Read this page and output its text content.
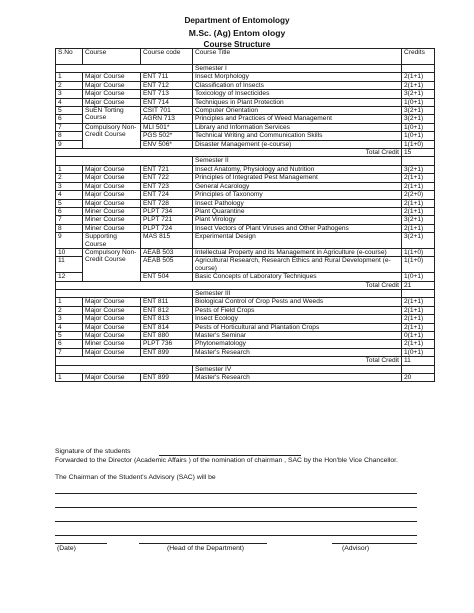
Department of Entomology
M.Sc. (Ag) Entom ology
Course Structure
S.No	Course	Course code	Course Title	Credits
			Semester I	
1	Major Course	ENT 711	Insect Morphology	2(1+1)
2	Major Course	ENT 712	Classification of Insects	2(1+1)
3	Major Course	ENT 713	Toxicology of Insecticides	3(2+1)
4	Major Course	ENT 714	Techniques in Plant Protection	1(0+1)
5	SuEN Torting Course	CSIT 701	Computer Orientation	3(2+1)
6		AGRN 713	Principles and Practices of Weed Management	3(2+1)
7	Compulsory Non- Credit Course	MLI 501*	Library and Information Services	1(0+1)
8		PGS 502*	Technical Writing and Communication Skills	1(0+1)
9		ENV 506*	Disaster Management (e-course)	1(1+0)
Total Credit				15
			Semester II	
1	Major Course	ENT 721	Insect Anatomy, Physiology and Nutrition	3(2+1)
2	Major Course	ENT 722	Principles of Integrated Pest Management	2(1+1)
3	Major Course	ENT 723	General Acarology	2(1+1)
4	Major Course	ENT 724	Principles of Taxonomy	2(2+0)
5	Major Course	ENT 728	Insect Pathology	2(1+1)
6	Miner Course	PLPT 734	Plant Quarantine	2(1+1)
7	Miner Course	PLPT 721	Plant Virology	3(2+1)
8	Miner Course	PLPT 724	Insect Vectors of Plant Viruses and Other Pathogens	2(1+1)
9	Supporting Course	MAS 815	Experimental Design	3(2+1)
10	Compulsory Non- Credit Course	AEAB 503	Intellectual Property and its Management in Agriculture (e-course)	1(1+0)
11		AEAB 505	Agricultural Research, Research Ethics and Rural Development (e-course)	1(1+0)
12		ENT 504	Basic Concepts of Laboratory Techniques	1(0+1)
Total Credit				21
			Semester III	
1	Major Course	ENT 811	Biological Control of Crop Pests and Weeds	2(1+1)
2	Major Course	ENT 812	Pests of Field Crops	2(1+1)
3	Major Course	ENT 813	Insect Ecology	2(1+1)
4	Major Course	ENT 814	Pests of Horticultural and Plantation Crops	2(1+1)
5	Major Course	ENT 880	Master's Seminar	0(1+1)
6	Miner Course	PLPT 736	Phytonematology	2(1+1)
7	Major Course	ENT 899	Master's Research	1(0+1)
Total Credit				11
			Semester IV	
1	Major Course	ENT 899	Master's Research	20
Signature of the students
Forwarded to the Director (Academic Affairs ) of the nomination of chairman , SAC by the Hon'ble Vice Chancellor.
The Chairman of the Student's Advisory (SAC) will be
(Date)	(Head of the Department)	(Advisor)
